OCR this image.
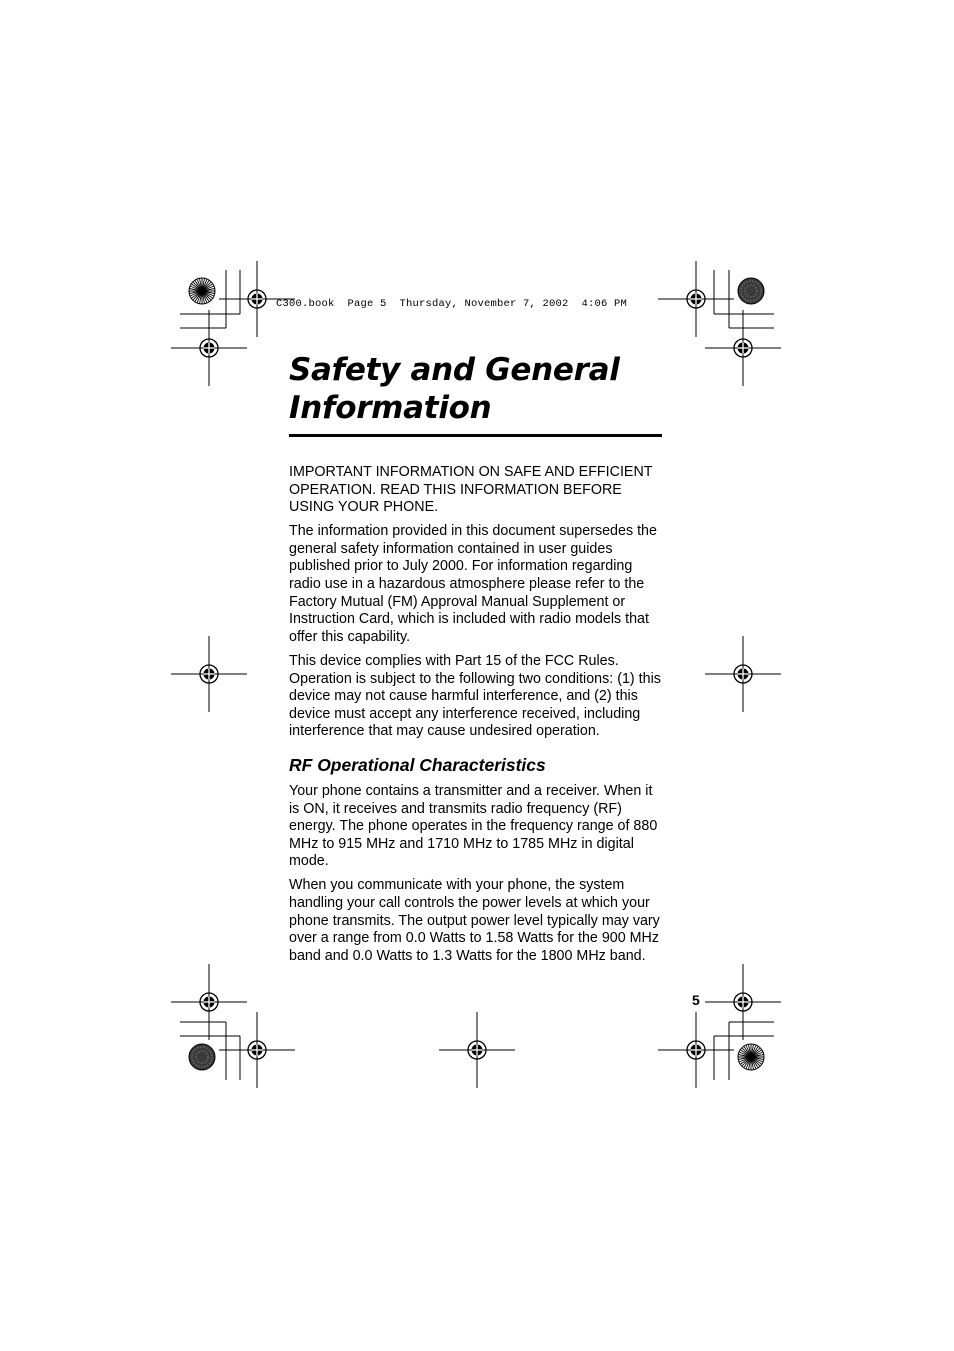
C300.book  Page 5  Thursday, November 7, 2002  4:06 PM
Safety and General Information

IMPORTANT INFORMATION ON SAFE AND EFFICIENT OPERATION. READ THIS INFORMATION BEFORE USING YOUR PHONE.

The information provided in this document supersedes the general safety information contained in user guides published prior to July 2000. For information regarding radio use in a hazardous atmosphere please refer to the Factory Mutual (FM) Approval Manual Supplement or Instruction Card, which is included with radio models that offer this capability.

This device complies with Part 15 of the FCC Rules. Operation is subject to the following two conditions: (1) this device may not cause harmful interference, and (2) this device must accept any interference received, including interference that may cause undesired operation.

RF Operational Characteristics

Your phone contains a transmitter and a receiver. When it is ON, it receives and transmits radio frequency (RF) energy. The phone operates in the frequency range of 880 MHz to 915 MHz and 1710 MHz to 1785 MHz in digital mode.

When you communicate with your phone, the system handling your call controls the power levels at which your phone transmits. The output power level typically may vary over a range from 0.0 Watts to 1.58 Watts for the 900 MHz band and 0.0 Watts to 1.3 Watts for the 1800 MHz band.

5
